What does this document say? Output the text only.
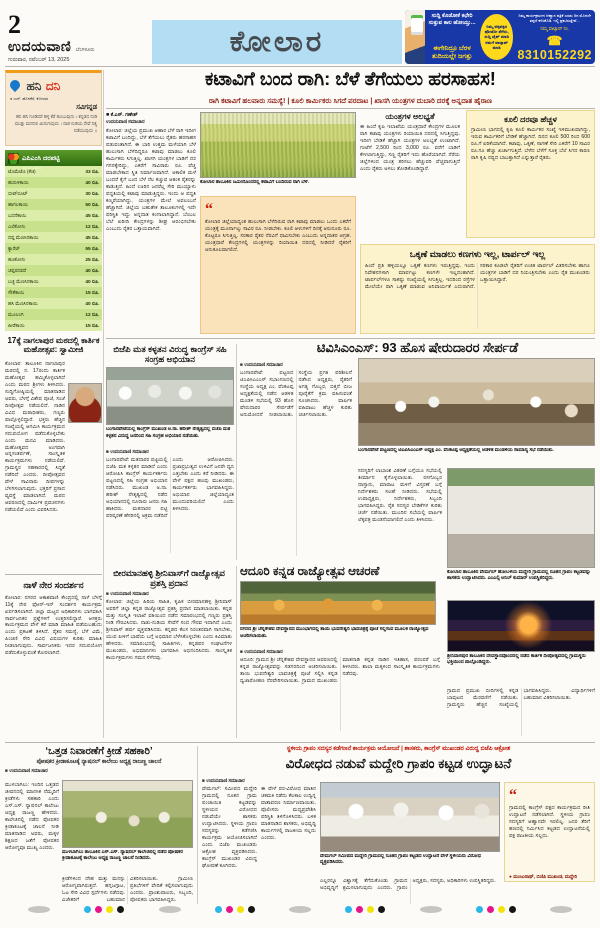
2
ಉದಯವಾಣಿ ಬೆಂಗಳೂರು
ಗುರುವಾರ, ನವೆಂಬರ್ 13, 2025
ಕೋಲಾರ
ಸುದ್ದಿ ಕೊಡೋಕೆ ಕಛೇರಿ ಸುತ್ತುವ ಕಾಲ ಹೋಯ್ತು...
ಈಗೇನಿದ್ರೂ ಬೆರಳ ತುದಿಯಲ್ಲೇ ಜಗತ್ತು
ನಿಮ್ಮ ಅಕ್ಕಪಕ್ಕದ ಫೋಟೋ ತೆಗೆದು, ಸುದ್ದಿ ಟೈಪ್ ಮಾಡಿ ನಮಗೆ ವಾಟ್ಸಾಪ್ ಮಾಡಿ
ನಿಮ್ಮ ಕಾರ್ಯಕ್ರಮಗಳ ಆಹ್ವಾನ ಪತ್ರಿಕೆ ಎರಡು ದಿನ ಮೊದಲೇ ತಪ್ಪದೆ ಕಳಿಸಿಕೊಡಿ. ಇಲ್ಲಿ ಪ್ರಕಟಿಸುತ್ತೇವೆ...
ನಮ್ಮ ವಾಟ್ಸಾಪ್ ನಂ.
☎ 8310152292
ಹನಿ ದನಿ
● ಎಚ್. ಹೊನಕೆರೆ, ಕೋಲಾರ
ಸವಿಗನ್ನಡ
ಹನಿ ಹನಿ ಗೂಡಿದರೆ ಹಳ್ಳ ಕೆರೆ ತುಂಬುವುದು । ಕನ್ನಡದ ನುಡಿ ಮುತ್ತು ಮನದಲಿ ಮಿನುಗುವುದು । ನಾಡ ನುಡಿಯ ಸೇವೆ ನಿತ್ಯ ನಡೆಯುವುದು ॥
ಎಪಿಎಂಸಿ ದರಪಟ್ಟಿ
12.11.2025
ಟೊಮೆಟೊ (ಕೆಜಿ)	33 ರೂ.
ಹುರುಳಿಕಾಯಿ	40 ರೂ.
ಬೀಟ್‌ರೂಟ್	30 ರೂ.
ಹಾಗಲಕಾಯಿ	50 ರೂ.
ಬದನೆಕಾಯಿ	45 ರೂ.
ಎಲೆಕೋಸು	12 ರೂ.
ದಪ್ಪ ಮೆಣಸಿನಕಾಯಿ	45 ರೂ.
ಕ್ಯಾರೆಟ್	55 ರೂ.
ಹೂಕೋಸು	25 ರೂ.
ಚಪ್ಪರದವರೆ	40 ರೂ.
ಬಜ್ಜಿ ಮೆಣಸಿನಕಾಯಿ	40 ರೂ.
ಸೌತೆಕಾಯಿ	15 ರೂ.
ಹಸಿ ಮೆಣಸಿನಕಾಯಿ	40 ರೂ.
ಮೂಲಂಗಿ	12 ರೂ.
ಹೀರೆಕಾಯಿ	15 ರೂ.
17ಕ್ಕೆ ನಾಗಲಾಪುರ ಮಠದಲ್ಲಿ ಕಾರ್ತಿಕ ಮಹೋತ್ಸವ: ಸ್ವಾಮೀಜಿ
ಕೋಲಾರ: ತಾಲೂಕಿನ ನಾಗಲಾಪುರ ಮಠದಲ್ಲಿ ನ. 17ರಂದು ಕಾರ್ತಿಕ ಮಹೋತ್ಸವ ಹಮ್ಮಿಕೊಳ್ಳಲಾಗಿದೆ ಎಂದು ಮಠದ ಶ್ರೀಗಳು ತಿಳಿಸಿದರು. ಸುದ್ದಿಗೋಷ್ಠಿಯಲ್ಲಿ ಮಾತನಾಡಿದ ಅವರು, ಬೆಳಗ್ಗೆ ವಿಶೇಷ ಪೂಜೆ, ಸಂಜೆ ದೀಪೋತ್ಸವ ನಡೆಯಲಿದೆ. ನಾಡಿನ ವಿವಿಧ ಮಠಾಧೀಶರು, ಗಣ್ಯರು ಪಾಲ್ಗೊಳ್ಳಲಿದ್ದಾರೆ. ಭಕ್ತರು ಹೆಚ್ಚಿನ ಸಂಖ್ಯೆಯಲ್ಲಿ ಆಗಮಿಸಿ ಕಾರ್ಯಕ್ರಮದ ಸದುಪಯೋಗ ಪಡೆದುಕೊಳ್ಳಬೇಕು ಎಂದು ಮನವಿ ಮಾಡಿದರು. ಮಹೋತ್ಸವದ ಅಂಗವಾಗಿ ಅನ್ನಸಂತರ್ಪಣೆ, ಸಾಂಸ್ಕೃತಿಕ ಕಾರ್ಯಕ್ರಮಗಳು ನಡೆಯಲಿವೆ. ಗ್ರಾಮಸ್ಥರ ಸಹಕಾರದಲ್ಲಿ ಸಿದ್ಧತೆ ನಡೆದಿದೆ ಎಂದರು. ದೀಪೋತ್ಸವದ ವೇಳೆ ಸಾವಿರಾರು ದೀಪಗಳನ್ನು ಬೆಳಗಿಸಲಾಗುವುದು. ಭಕ್ತರಿಗೆ ಪ್ರಸಾದ ವ್ಯವಸ್ಥೆ ಮಾಡಲಾಗಿದೆ. ಮಠದ ಆವರಣದಲ್ಲಿ ಧಾರ್ಮಿಕ ಪ್ರವಚನಗಳು ನಡೆಯಲಿವೆ ಎಂದು ವಿವರಿಸಿದರು.
ನಾಳೆ ನೇರ ಸಂದರ್ಶನ
ಕೋಲಾರ: ನಗರದ ಆಕಾಶವಾಣಿ ಕೇಂದ್ರದಲ್ಲಿ ನಾಳೆ ಬೆಳಗ್ಗೆ 11ಕ್ಕೆ ನೇರ ಫೋನ್-ಇನ್ ಸಂದರ್ಶನ ಕಾರ್ಯಕ್ರಮ ಏರ್ಪಡಿಸಲಾಗಿದೆ. ಜಿಲ್ಲಾ ಮಟ್ಟದ ಅಧಿಕಾರಿಗಳು ಭಾಗವಹಿಸಿ ಸಾರ್ವಜನಿಕರ ಪ್ರಶ್ನೆಗಳಿಗೆ ಉತ್ತರಿಸಲಿದ್ದಾರೆ. ಆಸಕ್ತರು ಕಾರ್ಯಕ್ರಮದ ವೇಳೆ ಕರೆ ಮಾಡಿ ಮಾಹಿತಿ ಪಡೆಯಬಹುದು ಎಂದು ಪ್ರಕಟಣೆ ತಿಳಿಸಿದೆ. ರೈತರ ಸಮಸ್ಯೆ, ಬೆಳೆ ವಿಮೆ, ಪಿಂಚಣಿ ಸೇರಿ ವಿವಿಧ ವಿಷಯಗಳ ಕುರಿತು ಮಾಹಿತಿ ನೀಡಲಾಗುವುದು. ಸಾರ್ವಜನಿಕರು ಇದರ ಸದುಪಯೋಗ ಪಡೆದುಕೊಳ್ಳುವಂತೆ ಕೋರಲಾಗಿದೆ.
ಕಟಾವಿಗೆ ಬಂದ ರಾಗಿ: ಬೆಳೆ ತೆಗೆಯಲು ಹರಸಾಹಸ!
ರಾಗಿ ಕಟಾವಿಗೆ ಹಲವಾರು ಸಮಸ್ಯೆ! | ಕೂಲಿ ಕಾರ್ಮಿಕರು ಸಿಗದೆ ಪರದಾಟ | ಖಾಸಗಿ ಯಂತ್ರಗಳ ದುಬಾರಿ ದರಕ್ಕೆ ಅನ್ನದಾತ ಹೈರಾಣ
■ ಕೆ.ಎಸ್. ಗಣೇಶ್
ಉದಯವಾಣಿ ಸಮಾಚಾರ
ಕೋಲಾರ: ಜಿಲ್ಲೆಯ ಪ್ರಮುಖ ಆಹಾರ ಬೆಳೆ ರಾಗಿ ಇದೀಗ ಕಟಾವಿಗೆ ಬಂದಿದ್ದು, ಬೆಳೆ ತೆಗೆಯಲು ರೈತರು ಹರಸಾಹಸ ಪಡುವಂತಾಗಿದೆ. ಈ ಬಾರಿ ಉತ್ತಮ ಮಳೆಯಾಗಿ ಬೆಳೆ ಹುಲುಸಾಗಿ ಬೆಳೆದಿದ್ದರೂ ಕಟಾವು ಮಾಡಲು ಕೂಲಿ ಕಾರ್ಮಿಕರು ಸಿಗುತ್ತಿಲ್ಲ. ಖಾಸಗಿ ಯಂತ್ರಗಳ ಬಾಡಿಗೆ ದರ ಗಗನಕ್ಕೇರಿದ್ದು, ಎಕರೆಗೆ ಸಾವಿರಾರು ರೂ. ವೆಚ್ಚ ಮಾಡಬೇಕಾದ ಸ್ಥಿತಿ ನಿರ್ಮಾಣವಾಗಿದೆ. ಅಕಾಲಿಕ ಮಳೆ ಬಂದರೆ ಕೈಗೆ ಬಂದ ಬೆಳೆ ನೆಲ ಕಚ್ಚುವ ಆತಂಕ ರೈತರನ್ನು ಕಾಡುತ್ತಿದೆ. ಹಿಂದೆ ಊರಿನ ಜನರೆಲ್ಲ ಸೇರಿ ಮುಯ್ಯಾಳು ಪದ್ಧತಿಯಲ್ಲಿ ಕಟಾವು ಮಾಡುತ್ತಿದ್ದರು. ಇಂದು ಆ ಪದ್ಧತಿ ಕಣ್ಮರೆಯಾಗಿದ್ದು, ಯಂತ್ರಗಳ ಮೇಲೆ ಅವಲಂಬನೆ ಹೆಚ್ಚಾಗಿದೆ. ಜಿಲ್ಲೆಯ ಬಹುತೇಕ ತಾಲೂಕುಗಳಲ್ಲಿ ಇದೇ ಪರಿಸ್ಥಿತಿ ಇದ್ದು ಅನ್ನದಾತ ಕಂಗಾಲಾಗಿದ್ದಾನೆ. ಬೆಂಬಲ ಬೆಲೆ ಖರೀದಿ ಕೇಂದ್ರಗಳನ್ನು ಶೀಘ್ರ ಆರಂಭಿಸಬೇಕು ಎಂಬುದು ರೈತರ ಒತ್ತಾಯವಾಗಿದೆ.
ಕೋಲಾರ ತಾಲೂಕಿನ ಜಮೀನೊಂದರಲ್ಲಿ ಕಟಾವಿಗೆ ಬಂದಿರುವ ರಾಗಿ ಬೆಳೆ.
“
ಕೋಲಾರ ಜಿಲ್ಲೆಯಾದ್ಯಂತ ಹುಲುಸಾಗಿ ಬೆಳೆದಿರುವ ರಾಗಿ ಕಟಾವು ಮಾಡಲು ಒಂದು ಎಕರೆಗೆ ಯಂತ್ರಕ್ಕೆ ಮೂರ್ನಾಲ್ಕು ಸಾವಿರ ರೂ. ನೀಡಬೇಕು. ಕೂಲಿ ಆಳುಗಳಿಗೆ ದಿನಕ್ಕೆ ಆರುನೂರು ರೂ. ಕೊಟ್ಟರೂ ಸಿಗುತ್ತಿಲ್ಲ. ಸರಕಾರ ರೈತರ ನೆರವಿಗೆ ಧಾವಿಸಬೇಕು ಎಂಬುದು ಅನ್ನದಾತರ ಆಗ್ರಹ. ಯಂತ್ರಧಾರೆ ಕೇಂದ್ರಗಳಲ್ಲಿ ಯಂತ್ರಗಳನ್ನು ರಿಯಾಯಿತಿ ದರದಲ್ಲಿ ನೀಡಿದರೆ ರೈತರಿಗೆ ಅನುಕೂಲವಾಗಲಿದೆ.
ಯಂತ್ರಗಳ ಅಲಭ್ಯತೆ
ಈ ಹಿಂದೆ ಕೃಷಿ ಇಲಾಖೆಯ ಯಂತ್ರಧಾರೆ ಕೇಂದ್ರಗಳ ಮೂಲಕ ರಾಗಿ ಕಟಾವು ಯಂತ್ರಗಳು ರಿಯಾಯಿತಿ ದರದಲ್ಲಿ ಸಿಗುತ್ತಿದ್ದವು. ಇದೀಗ ಬೇಡಿಕೆ ಹೆಚ್ಚಾಗಿ ಯಂತ್ರಗಳ ಅಲಭ್ಯತೆ ಉಂಟಾಗಿದೆ. ಗಂಟೆಗೆ 2,500 ರಿಂದ 3,000 ರೂ. ವರೆಗೆ ಬಾಡಿಗೆ ಕೇಳಲಾಗುತ್ತಿದ್ದು, ಸಣ್ಣ ರೈತರಿಗೆ ಇದು ಹೊರೆಯಾಗಿದೆ. ನೆರೆಯ ಜಿಲ್ಲೆಗಳಿಂದ ಯಂತ್ರ ತರಿಸಲು ಹೆಚ್ಚುವರಿ ವೆಚ್ಚವಾಗುತ್ತಿದೆ ಎಂದು ರೈತರು ಅಳಲು ತೋಡಿಕೊಂಡಿದ್ದಾರೆ.
ಕೂಲಿ ದರವೂ ಹೆಚ್ಚಳ
ಗ್ರಾಮೀಣ ಭಾಗದಲ್ಲಿ ಕೃಷಿ ಕೂಲಿ ಕಾರ್ಮಿಕರ ಸಂಖ್ಯೆ ಇಳಿಮುಖವಾಗಿದ್ದು, ಇರುವ ಕಾರ್ಮಿಕರಿಗೆ ಬೇಡಿಕೆ ಹೆಚ್ಚಾಗಿದೆ. ದಿನದ ಕೂಲಿ 500 ರಿಂದ 600 ರೂ.ಗೆ ಏರಿಕೆಯಾಗಿದೆ. ಕಟಾವು, ಒಕ್ಕಣೆ, ಸಾಗಣೆ ಸೇರಿ ಎಕರೆಗೆ 10 ಸಾವಿರ ರೂ.ಗೂ ಹೆಚ್ಚು ಖರ್ಚಾಗುತ್ತಿದೆ. ಬೆಳೆದ ಬೆಳೆಗೆ ಸೂಕ್ತ ಬೆಲೆ ಸಿಗದ ಕಾರಣ ರಾಗಿ ಕೃಷಿ ನಷ್ಟದ ಬಾಬತ್ತಾಗಿದೆ ಎನ್ನುತ್ತಾರೆ ರೈತರು.
ಒಕ್ಕಣೆ ಮಾಡಲು ಕಣಗಳು ಇಲ್ಲ, ಟಾರ್ಪಲ್ ಇಲ್ಲ
ಹಿಂದೆ ಪ್ರತಿ ಹಳ್ಳಿಯಲ್ಲೂ ಒಕ್ಕಣೆ ಕಣಗಳು ಇರುತ್ತಿದ್ದವು. ಇಂದು ನಿವೇಶನಗಳಾಗಿ ಮಾರ್ಪಟ್ಟು ಕಣಗಳೇ ಇಲ್ಲದಂತಾಗಿದೆ. ಟಾರ್ಪಲ್‌ಗಳೂ ಸಾಕಷ್ಟು ಸಂಖ್ಯೆಯಲ್ಲಿ ಸಿಗುತ್ತಿಲ್ಲ. ಇದರಿಂದ ರಸ್ತೆಗಳ ಮೇಲೆಯೇ ರಾಗಿ ಒಕ್ಕಣೆ ಮಾಡುವ ಅನಿವಾರ್ಯತೆ ಎದುರಾಗಿದೆ. ಸರಕಾರ ಕೂಡಲೇ ರೈತರಿಗೆ ಉಚಿತ ಟಾರ್ಪಲ್ ವಿತರಿಸಬೇಕು ಹಾಗೂ ಯಂತ್ರಗಳ ಬಾಡಿಗೆ ದರ ನಿಯಂತ್ರಿಸಬೇಕು ಎಂದು ರೈತ ಮುಖಂಡರು ಒತ್ತಾಯಿಸಿದ್ದಾರೆ.
ಬಿಜೆಪಿ ಮತ ಕಳ್ಳತನ ವಿರುದ್ಧ ಕಾಂಗ್ರೆಸ್ ಸಹಿ ಸಂಗ್ರಹ ಅಭಿಯಾನ
ಬಂಗಾರಪೇಟೆಯಲ್ಲಿ ಕಾಂಗ್ರೆಸ್ ಮುಖಂಡ ಅ.ನಾ. ಹರೀಶ್ ನೇತೃತ್ವದಲ್ಲಿ ಬಿಜೆಪಿ ಮತ ಕಳ್ಳತನ ವಿರುದ್ಧ ಜನರಿಂದ ಸಹಿ ಸಂಗ್ರಹ ಅಭಿಯಾನ ನಡೆಯಿತು.
■ ಉದಯವಾಣಿ ಸಮಾಚಾರ
ಬಂಗಾರಪೇಟೆ: ಮತದಾರರ ಪಟ್ಟಿಯಲ್ಲಿ ಬಿಜೆಪಿ ಮತ ಕಳ್ಳತನ ಮಾಡಿದೆ ಎಂದು ಆರೋಪಿಸಿ ಕಾಂಗ್ರೆಸ್ ಕಾರ್ಯಕರ್ತರು ಪಟ್ಟಣದಲ್ಲಿ ಸಹಿ ಸಂಗ್ರಹ ಅಭಿಯಾನ ನಡೆಸಿದರು. ಮುಖಂಡ ಅ.ನಾ. ಹರೀಶ್ ನೇತೃತ್ವದಲ್ಲಿ ನಡೆದ ಅಭಿಯಾನದಲ್ಲಿ ನೂರಾರು ಜನರು ಸಹಿ ಹಾಕಿದರು. ಮತದಾರರ ಪಟ್ಟಿ ಪರಿಷ್ಕರಣೆ ಹೆಸರಿನಲ್ಲಿ ಅಕ್ರಮ ನಡೆದಿದೆ ಎಂದು ಆರೋಪಿಸಿದರು. ಪ್ರಜಾಪ್ರಭುತ್ವದ ಉಳಿವಿಗೆ ಜನರೇ ಧ್ವನಿ ಎತ್ತಬೇಕು ಎಂದು ಕರೆ ನೀಡಿದರು. ಈ ವೇಳೆ ಪಕ್ಷದ ಹಲವು ಮುಖಂಡರು, ಕಾರ್ಯಕರ್ತರು ಭಾಗವಹಿಸಿದ್ದರು. ಅಭಿಯಾನ ಜಿಲ್ಲೆಯಾದ್ಯಂತ ಮುಂದುವರಿಯಲಿದೆ ಎಂದು ತಿಳಿಸಿದರು.
ಟಿವಿಸಿಎಂಎಸ್: 93 ಹೊಸ ಷೇರುದಾರರ ಸೇರ್ಪಡೆ
■ ಉದಯವಾಣಿ ಸಮಾಚಾರ
ಬಂಗಾರಪೇಟೆ: ಪಟ್ಟಣದ ಟಿಎಪಿಸಿಎಂಎಸ್ ಸಭಾಂಗಣದಲ್ಲಿ ಸಂಸ್ಥೆಯ ಅಧ್ಯಕ್ಷ ಎಂ. ವೆಂಕಟಪ್ಪ ಅಧ್ಯಕ್ಷತೆಯಲ್ಲಿ ನಡೆದ ಆಡಳಿತ ಮಂಡಳಿ ಸಭೆಯಲ್ಲಿ 93 ಹೊಸ ಷೇರುದಾರರ ಸೇರ್ಪಡೆಗೆ ಅನುಮೋದನೆ ನೀಡಲಾಯಿತು. ಸಂಸ್ಥೆಯ ಪ್ರಗತಿ ಪರಿಶೀಲನೆ ನಡೆಸಿದ ಅಧ್ಯಕ್ಷರು, ರೈತರಿಗೆ ಅಗತ್ಯ ಗೊಬ್ಬರ, ಬಿತ್ತನೆ ಬೀಜ ಪೂರೈಕೆಗೆ ಕ್ರಮ ವಹಿಸುವಂತೆ ಸೂಚಿಸಿದರು. ವಾರ್ಷಿಕ ವಹಿವಾಟು ಹೆಚ್ಚಳ ಕುರಿತು ಚರ್ಚಿಸಲಾಯಿತು.
ಬಂಗಾರಪೇಟೆ ಪಟ್ಟಣದಲ್ಲಿ ಟಿಎಪಿಸಿಎಂಎಸ್ ಅಧ್ಯಕ್ಷ ಎಂ. ವೆಂಕಟಪ್ಪ ಅಧ್ಯಕ್ಷತೆಯಲ್ಲಿ ಆಡಳಿತ ಮಂಡಳಿಯ ಸಾಮಾನ್ಯ ಸಭೆ ನಡೆಯಿತು.
ಸದಸ್ಯರಿಗೆ ಲಾಭಾಂಶ ವಿತರಣೆ ಬಗ್ಗೆಯೂ ಸಭೆಯಲ್ಲಿ ತೀರ್ಮಾನ ಕೈಗೊಳ್ಳಲಾಯಿತು. ರಸಗೊಬ್ಬರ ದಾಸ್ತಾನು, ಮಾರಾಟ ಮಳಿಗೆ ವಿಸ್ತರಣೆ ಬಗ್ಗೆ ನಿರ್ದೇಶಕರು ಸಲಹೆ ನೀಡಿದರು. ಸಭೆಯಲ್ಲಿ ಉಪಾಧ್ಯಕ್ಷರು, ನಿರ್ದೇಶಕರು, ಸಿಬ್ಬಂದಿ ಭಾಗವಹಿಸಿದ್ದರು. ರೈತ ಸದಸ್ಯರ ಬೇಡಿಕೆಗಳ ಕುರಿತು ಚರ್ಚೆ ನಡೆಯಿತು. ಮುಂದಿನ ಸಭೆಯಲ್ಲಿ ವಾರ್ಷಿಕ ಲೆಕ್ಕಪತ್ರ ಮಂಡನೆಯಾಗಲಿದೆ ಎಂದು ತಿಳಿಸಿದರು.
ಕೋಲಾರ ತಾಲೂಕಿನ ವೇಮಗಲ್ ಹೋಬಳಿಯ ಮದ್ದೇರಿ ಗ್ರಾಮದಲ್ಲಿ ನೂತನ ಗ್ರಾಪಂ ಕಟ್ಟಡವನ್ನು ಶಾಸಕರು ಉದ್ಘಾಟಿಸಿದರು. ಎಂಎಲ್ಸಿ ಅನಿಲ್ ಕುಮಾರ್ ಉಪಸ್ಥಿತರಿದ್ದರು.
ಶ್ರೀನಿವಾಸಪುರ ತಾಲೂಕಿನ ದೇವಸ್ಥಾನವೊಂದರಲ್ಲಿ ನಡೆದ ಕಾರ್ತಿಕ ದೀಪೋತ್ಸವದಲ್ಲಿ ಗ್ರಾಮಸ್ಥರು ಭಕ್ತಿಯಿಂದ ಪಾಲ್ಗೊಂಡಿದ್ದರು.
ಗ್ರಾಮದ ಪ್ರಮುಖ ಬೀದಿಗಳಲ್ಲಿ ಕನ್ನಡ ಬಾವುಟದ ಮೆರವಣಿಗೆ ನಡೆಯಿತು. ಗ್ರಾಮಸ್ಥರು ಹೆಚ್ಚಿನ ಸಂಖ್ಯೆಯಲ್ಲಿ ಭಾಗವಹಿಸಿದ್ದರು. ವಿದ್ಯಾರ್ಥಿಗಳಿಗೆ ಬಹುಮಾನ ವಿತರಿಸಲಾಯಿತು.
ಬೀರಮಾನಹಳ್ಳಿ ಶ್ರೀನಿವಾಸ್‌ಗೆ ರಾಜ್ಯೋತ್ಸವ ಪ್ರಶಸ್ತಿ ಪ್ರದಾನ
■ ಉದಯವಾಣಿ ಸಮಾಚಾರ
ಕೋಲಾರ: ಜಿಲ್ಲೆಯ ಹಿರಿಯ ಸಾಹಿತಿ, ಕೃಷಿಕ ಬೀರಮಾನಹಳ್ಳಿ ಶ್ರೀನಿವಾಸ್ ಅವರಿಗೆ ಜಿಲ್ಲಾ ಕನ್ನಡ ರಾಜ್ಯೋತ್ಸವ ಪ್ರಶಸ್ತಿ ಪ್ರದಾನ ಮಾಡಲಾಯಿತು. ಕನ್ನಡ ಮತ್ತು ಸಂಸ್ಕೃತಿ ಇಲಾಖೆ ವತಿಯಿಂದ ನಡೆದ ಸಮಾರಂಭದಲ್ಲಿ ಗಣ್ಯರು ಪ್ರಶಸ್ತಿ ನೀಡಿ ಗೌರವಿಸಿದರು. ನಾಡು-ನುಡಿಯ ಸೇವೆಗೆ ಸಂದ ಗೌರವ ಇದಾಗಿದೆ ಎಂದು ಶ್ರೀನಿವಾಸ್ ಹರ್ಷ ವ್ಯಕ್ತಪಡಿಸಿದರು. ಕನ್ನಡದ ಕೆಲಸ ನಿರಂತರವಾಗಿ ಸಾಗಬೇಕು, ಯುವ ಪೀಳಿಗೆ ಭಾಷೆಯ ಬಗ್ಗೆ ಅಭಿಮಾನ ಬೆಳೆಸಿಕೊಳ್ಳಬೇಕು ಎಂದು ಕಿವಿಮಾತು ಹೇಳಿದರು. ಸಮಾರಂಭದಲ್ಲಿ ಸಾಹಿತಿಗಳು, ಕನ್ನಡಪರ ಸಂಘಟನೆಗಳ ಮುಖಂಡರು, ಅಭಿಮಾನಿಗಳು ಭಾಗವಹಿಸಿ ಅಭಿನಂದಿಸಿದರು. ಸಾಂಸ್ಕೃತಿಕ ಕಾರ್ಯಕ್ರಮಗಳು ಗಮನ ಸೆಳೆದವು.
ಆದೂರಿ ಕನ್ನಡ ರಾಜ್ಯೋತ್ಸವ ಆಚರಣೆ
ನಗರದ ಶ್ರೀ ಚೆನ್ನಕೇಶವ ದೇವಸ್ಥಾನದ ಮುಂಭಾಗದಲ್ಲಿ ತಾಯಿ ಭುವನೇಶ್ವರಿ ಭಾವಚಿತ್ರಕ್ಕೆ ಪೂಜೆ ಸಲ್ಲಿಸುವ ಮೂಲಕ ರಾಜ್ಯೋತ್ಸವ ಆಚರಿಸಲಾಯಿತು.
■ ಉದಯವಾಣಿ ಸಮಾಚಾರ
ಆದೂರಿ: ಗ್ರಾಮದ ಶ್ರೀ ಚೆನ್ನಕೇಶವ ದೇವಸ್ಥಾನದ ಆವರಣದಲ್ಲಿ ಕನ್ನಡ ರಾಜ್ಯೋತ್ಸವವನ್ನು ಸಡಗರದಿಂದ ಆಚರಿಸಲಾಯಿತು. ತಾಯಿ ಭುವನೇಶ್ವರಿ ಭಾವಚಿತ್ರಕ್ಕೆ ಪೂಜೆ ಸಲ್ಲಿಸಿ ಕನ್ನಡ ಧ್ವಜಾರೋಹಣ ನೆರವೇರಿಸಲಾಯಿತು. ಗ್ರಾಮದ ಮುಖಂಡರು ಮಾತನಾಡಿ ಕನ್ನಡ ನಾಡಿನ ಇತಿಹಾಸ, ಪರಂಪರೆ ಬಗ್ಗೆ ತಿಳಿಸಿದರು. ಶಾಲಾ ಮಕ್ಕಳಿಂದ ಸಾಂಸ್ಕೃತಿಕ ಕಾರ್ಯಕ್ರಮಗಳು ನಡೆದವು.
‘ಒತ್ತಡ ನಿವಾರಣೆಗೆ ಕ್ರೀಡೆ ಸಹಕಾರಿ’
ಪೋಷಕರ ಕ್ರೀಡಾಕೂಟಕ್ಕೆ ನ್ಯಾಷನಲ್ ಕಾಲೇಜು ಅಧ್ಯಕ್ಷ ರಾಜಣ್ಣ ಚಾಲನೆ
■ ಉದಯವಾಣಿ ಸಮಾಚಾರ
ಮುಳಬಾಗಿಲು: ಇಂದಿನ ಒತ್ತಡದ ಜೀವನದಲ್ಲಿ ಮಾನಸಿಕ ನೆಮ್ಮದಿಗೆ ಕ್ರೀಡೆಗಳು ಸಹಕಾರಿ ಎಂದು ಎಸ್.ಎಸ್. ನ್ಯಾಷನಲ್ ಕಾಲೇಜು ಅಧ್ಯಕ್ಷ ರಾಜಣ್ಣ ಹೇಳಿದರು. ಕಾಲೇಜಿನಲ್ಲಿ ನಡೆದ ಪೋಷಕರ ಕ್ರೀಡಾಕೂಟಕ್ಕೆ ಚಾಲನೆ ನೀಡಿ ಮಾತನಾಡಿದ ಅವರು, ಮಕ್ಕಳ ಶಿಕ್ಷಣದ ಜತೆಗೆ ಪೋಷಕರ ಆರೋಗ್ಯವೂ ಮುಖ್ಯ ಎಂದರು.
ಮುಳಬಾಗಿಲು ತಾಲೂಕಿನ ಎಸ್.ಎಸ್. ನ್ಯಾಷನಲ್ ಕಾಲೇಜಿನಲ್ಲಿ ನಡೆದ ಪೋಷಕರ ಕ್ರೀಡಾಕೂಟಕ್ಕೆ ಕಾಲೇಜು ಅಧ್ಯಕ್ಷ ರಾಜಣ್ಣ ಚಾಲನೆ ನೀಡಿದರು.
ಕ್ರೀಡೆಗಳಿಂದ ದೇಹ ಮತ್ತು ಮನಸ್ಸು ಆರೋಗ್ಯವಾಗಿರುತ್ತದೆ. ಹಗ್ಗಜಗ್ಗಾಟ, ಓಟ ಸೇರಿ ವಿವಿಧ ಸ್ಪರ್ಧೆಗಳು ನಡೆದವು. ವಿಜೇತರಿಗೆ ಬಹುಮಾನ ವಿತರಿಸಲಾಯಿತು. ಗ್ರಾಮೀಣ ಪ್ರತಿಭೆಗಳಿಗೆ ವೇದಿಕೆ ಕಲ್ಪಿಸಲಾಗುವುದು ಎಂದರು. ಪ್ರಾಂಶುಪಾಲರು, ಸಿಬ್ಬಂದಿ, ಪೋಷಕರು ಭಾಗವಹಿಸಿದ್ದರು.
ಸ್ಥಳೀಯ ಗ್ರಾಪಂ ಸದಸ್ಯರ ಕಡೆಗಣನೆ ಕಾರ್ಯಕ್ರಮ ಆಯೋಜನೆ | ಶಾಸಕರು, ಕಾಂಗ್ರೆಸ್ ಮುಖಂಡರ ವಿರುದ್ಧ ಬಿಜೆಪಿ ಆಕ್ರೋಶ
ವಿರೋಧದ ನಡುವೆ ಮದ್ದೇರಿ ಗ್ರಾಪಂ ಕಟ್ಟಡ ಉದ್ಘಾಟನೆ
■ ಉದಯವಾಣಿ ಸಮಾಚಾರ
ವೇಮಗಲ್: ಸಮೀಪದ ಮದ್ದೇರಿ ಗ್ರಾಮದಲ್ಲಿ ನೂತನ ಗ್ರಾಮ ಪಂಚಾಯಿತಿ ಕಟ್ಟಡವನ್ನು ಸ್ಥಳೀಯರ ವಿರೋಧದ ನಡುವೆಯೇ ಶಾಸಕರು ಉದ್ಘಾಟಿಸಿದರು. ಸ್ಥಳೀಯ ಗ್ರಾಪಂ ಸದಸ್ಯರನ್ನು ಕಡೆಗಣಿಸಿ ಕಾರ್ಯಕ್ರಮ ಆಯೋಜಿಸಲಾಗಿದೆ ಎಂದು ಬಿಜೆಪಿ ಮುಖಂಡರು ಆಕ್ರೋಶ ವ್ಯಕ್ತಪಡಿಸಿದರು. ಕಾಂಗ್ರೆಸ್ ಮುಖಂಡರ ವಿರುದ್ಧ ಘೋಷಣೆ ಕೂಗಿದರು.
ಈ ವೇಳೆ ಪರ-ವಿರೋಧ ಮಾತಿನ ಚಕಮಕಿ ನಡೆದು ಕೆಲಕಾಲ ಉದ್ವಿಗ್ನ ವಾತಾವರಣ ನಿರ್ಮಾಣವಾಯಿತು. ಪೊಲೀಸರು ಮಧ್ಯಪ್ರವೇಶಿಸಿ ಪರಿಸ್ಥಿತಿ ತಿಳಿಗೊಳಿಸಿದರು. ಬಳಿಕ ಮಾತನಾಡಿದ ಶಾಸಕರು, ಅಭಿವೃದ್ಧಿ ಕಾರ್ಯಗಳಲ್ಲಿ ರಾಜಕೀಯ ಸಲ್ಲದು ಎಂದರು.
ವೇಮಗಲ್ ಸಮೀಪದ ಮದ್ದೇರಿ ಗ್ರಾಮದಲ್ಲಿ ನೂತನ ಗ್ರಾಪಂ ಕಟ್ಟಡದ ಉದ್ಘಾಟನೆ ವೇಳೆ ಸ್ಥಳೀಯರು ವಿರೋಧ ವ್ಯಕ್ತಪಡಿಸಿದರು.
ಎಲ್ಲರನ್ನೂ ವಿಶ್ವಾಸಕ್ಕೆ ತೆಗೆದುಕೊಂಡು ಗ್ರಾಮದ ಅಭಿವೃದ್ಧಿಗೆ ಶ್ರಮಿಸಲಾಗುವುದು ಎಂದರು. ಗ್ರಾಪಂ ಅಧ್ಯಕ್ಷರು, ಸದಸ್ಯರು, ಅಧಿಕಾರಿಗಳು ಉಪಸ್ಥಿತರಿದ್ದರು.
“
ಗ್ರಾಮದಲ್ಲಿ ಕಾಂಗ್ರೆಸ್ ಪಕ್ಷದ ಕಾರ್ಯಕ್ರಮದ ರೀತಿ ಉದ್ಘಾಟನೆ ನಡೆಸಲಾಗಿದೆ. ಸ್ಥಳೀಯ ಗ್ರಾಪಂ ಸದಸ್ಯರಿಗೆ ಆಹ್ವಾನವೇ ಇರಲಿಲ್ಲ. ಜನರ ತೆರಿಗೆ ಹಣದಲ್ಲಿ ನಿರ್ಮಿಸಿದ ಕಟ್ಟಡದ ಉದ್ಘಾಟನೆಯಲ್ಲಿ ಪಕ್ಷ ರಾಜಕೀಯ ಸಲ್ಲದು.
● ಮಂಜುನಾಥ್, ಬಿಜೆಪಿ ಮುಖಂಡ, ಮದ್ದೇರಿ
